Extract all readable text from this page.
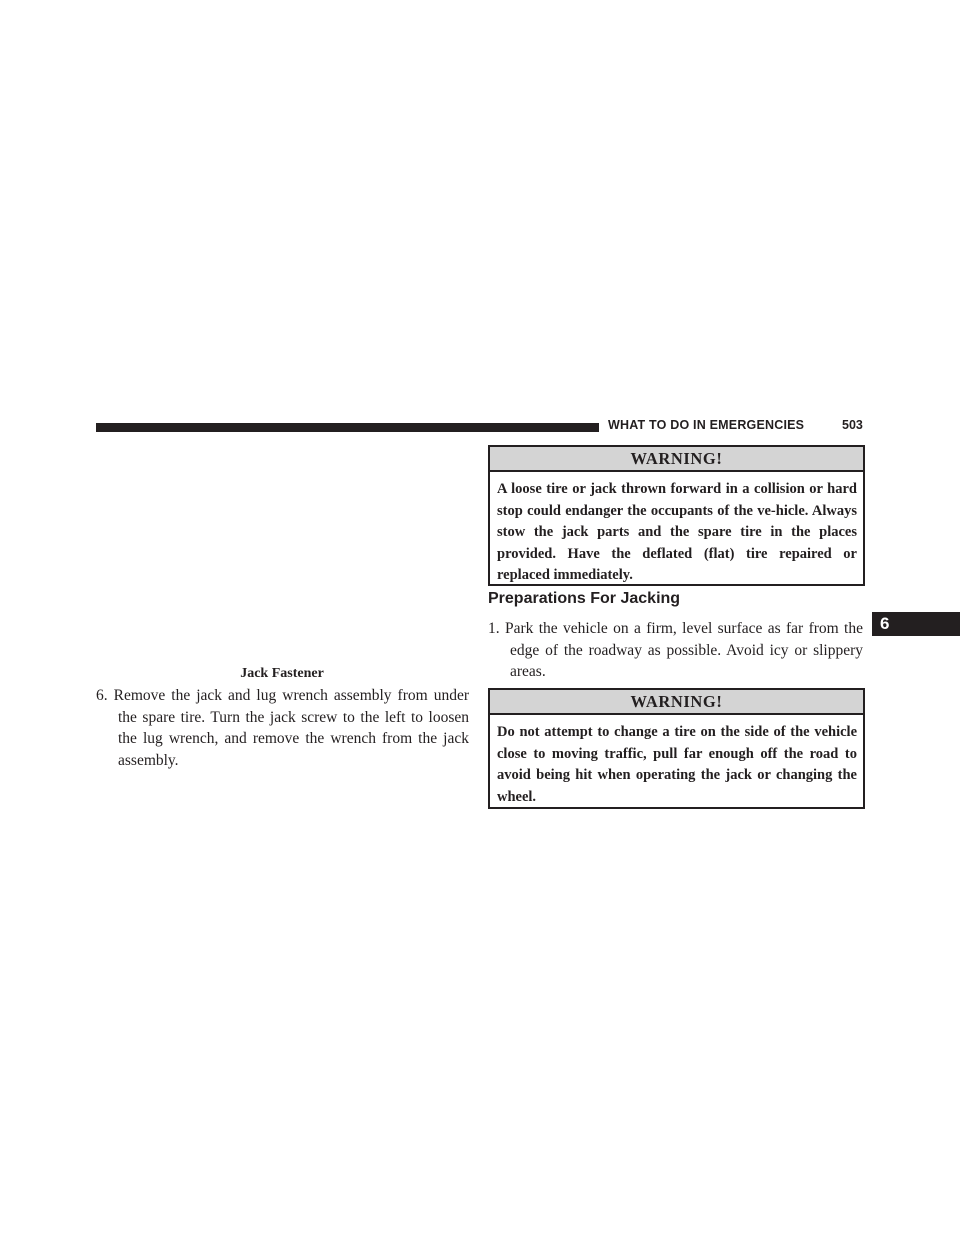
WHAT TO DO IN EMERGENCIES	503
6
Jack Fastener
6. Remove the jack and lug wrench assembly from under the spare tire. Turn the jack screw to the left to loosen the lug wrench, and remove the wrench from the jack assembly.
WARNING!
A loose tire or jack thrown forward in a collision or hard stop could endanger the occupants of the ve-hicle. Always stow the jack parts and the spare tire in the places provided. Have the deflated (flat) tire repaired or replaced immediately.
Preparations For Jacking
1. Park the vehicle on a firm, level surface as far from the edge of the roadway as possible. Avoid icy or slippery areas.
WARNING!
Do not attempt to change a tire on the side of the vehicle close to moving traffic, pull far enough off the road to avoid being hit when operating the jack or changing the wheel.
